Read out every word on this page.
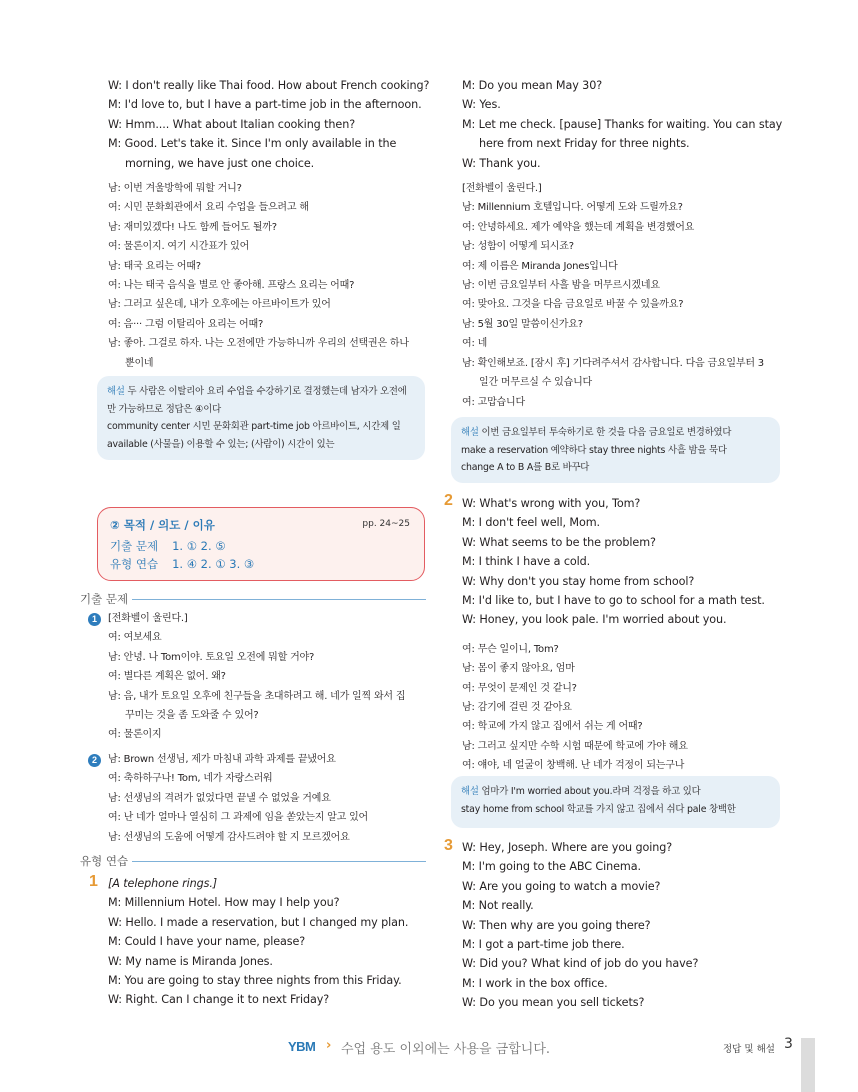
W: I don't really like Thai food. How about French cooking?
M: I'd love to, but I have a part-time job in the afternoon.
W: Hmm.... What about Italian cooking then?
M: Good. Let's take it. Since I'm only available in the
morning, we have just one choice.
남: 이번 겨울방학에 뭐할 거니?
여: 시민 문화회관에서 요리 수업을 들으려고 해
남: 재미있겠다! 나도 함께 들어도 될까?
여: 물론이지. 여기 시간표가 있어
남: 태국 요리는 어때?
여: 나는 태국 음식을 별로 안 좋아해. 프랑스 요리는 어때?
남: 그러고 싶은데, 내가 오후에는 아르바이트가 있어
여: 음··· 그럼 이탈리아 요리는 어때?
남: 좋아. 그걸로 하자. 나는 오전에만 가능하니까 우리의 선택권은 하나
뿐이네
해설 두 사람은 이탈리아 요리 수업을 수강하기로 결정했는데 남자가 오전에
만 가능하므로 정답은 ④이다
community center 시민 문화회관 part-time job 아르바이트, 시간제 일
available (사물을) 이용할 수 있는; (사람이) 시간이 있는
② 목적 / 의도 / 이유	pp. 24~25
기출 문제 1. ① 2. ⑤
유형 연습 1. ④ 2. ① 3. ③
기출 문제
1	[전화벨이 울린다.]
여: 여보세요
남: 안녕. 나 Tom이야. 토요일 오전에 뭐할 거야?
여: 별다른 계획은 없어. 왜?
남: 음, 내가 토요일 오후에 친구들을 초대하려고 해. 네가 일찍 와서 집
꾸미는 것을 좀 도와줄 수 있어?
여: 물론이지
2	남: Brown 선생님, 제가 마침내 과학 과제를 끝냈어요
여: 축하하구나! Tom, 네가 자랑스러워
남: 선생님의 격려가 없었다면 끝낼 수 없었을 거예요
여: 난 네가 얼마나 열심히 그 과제에 임을 쏟았는지 알고 있어
남: 선생님의 도움에 어떻게 감사드려야 할 지 모르겠어요
유형 연습
1 [A telephone rings.]
M: Millennium Hotel. How may I help you?
W: Hello. I made a reservation, but I changed my plan.
M: Could I have your name, please?
W: My name is Miranda Jones.
M: You are going to stay three nights from this Friday.
W: Right. Can I change it to next Friday?
M: Do you mean May 30?
W: Yes.
M: Let me check. [pause] Thanks for waiting. You can stay
here from next Friday for three nights.
W: Thank you.
[전화벨이 울린다.]
남: Millennium 호텔입니다. 어떻게 도와 드릴까요?
여: 안녕하세요. 제가 예약을 했는데 계획을 변경했어요
남: 성함이 어떻게 되시죠?
여: 제 이름은 Miranda Jones입니다
남: 이번 금요일부터 사흘 밤을 머무르시겠네요
여: 맞아요. 그것을 다음 금요일로 바꿀 수 있을까요?
남: 5월 30일 말씀이신가요?
여: 네
남: 확인해보죠. [잠시 후] 기다려주셔서 감사합니다. 다음 금요일부터 3
일간 머무르실 수 있습니다
여: 고맙습니다
해설 이번 금요일부터 투숙하기로 한 것을 다음 금요일로 변경하였다
make a reservation 예약하다 stay three nights 사흘 밤을 묵다
change A to B A를 B로 바꾸다
2 W: What's wrong with you, Tom?
M: I don't feel well, Mom.
W: What seems to be the problem?
M: I think I have a cold.
W: Why don't you stay home from school?
M: I'd like to, but I have to go to school for a math test.
W: Honey, you look pale. I'm worried about you.
여: 무슨 일이니, Tom?
남: 몸이 좋지 않아요, 엄마
여: 무엇이 문제인 것 같니?
남: 감기에 걸린 것 같아요
여: 학교에 가지 않고 집에서 쉬는 게 어때?
남: 그러고 싶지만 수학 시험 때문에 학교에 가야 해요
여: 얘야, 네 얼굴이 창백해. 난 네가 걱정이 되는구나
해설 엄마가 I'm worried about you.라며 걱정을 하고 있다
stay home from school 학교를 가지 않고 집에서 쉬다 pale 창백한
3 W: Hey, Joseph. Where are you going?
M: I'm going to the ABC Cinema.
W: Are you going to watch a movie?
M: Not really.
W: Then why are you going there?
M: I got a part-time job there.
W: Did you? What kind of job do you have?
M: I work in the box office.
W: Do you mean you sell tickets?
YBM › 수업 용도 이외에는 사용을 금합니다.	정답 및 해설 3
